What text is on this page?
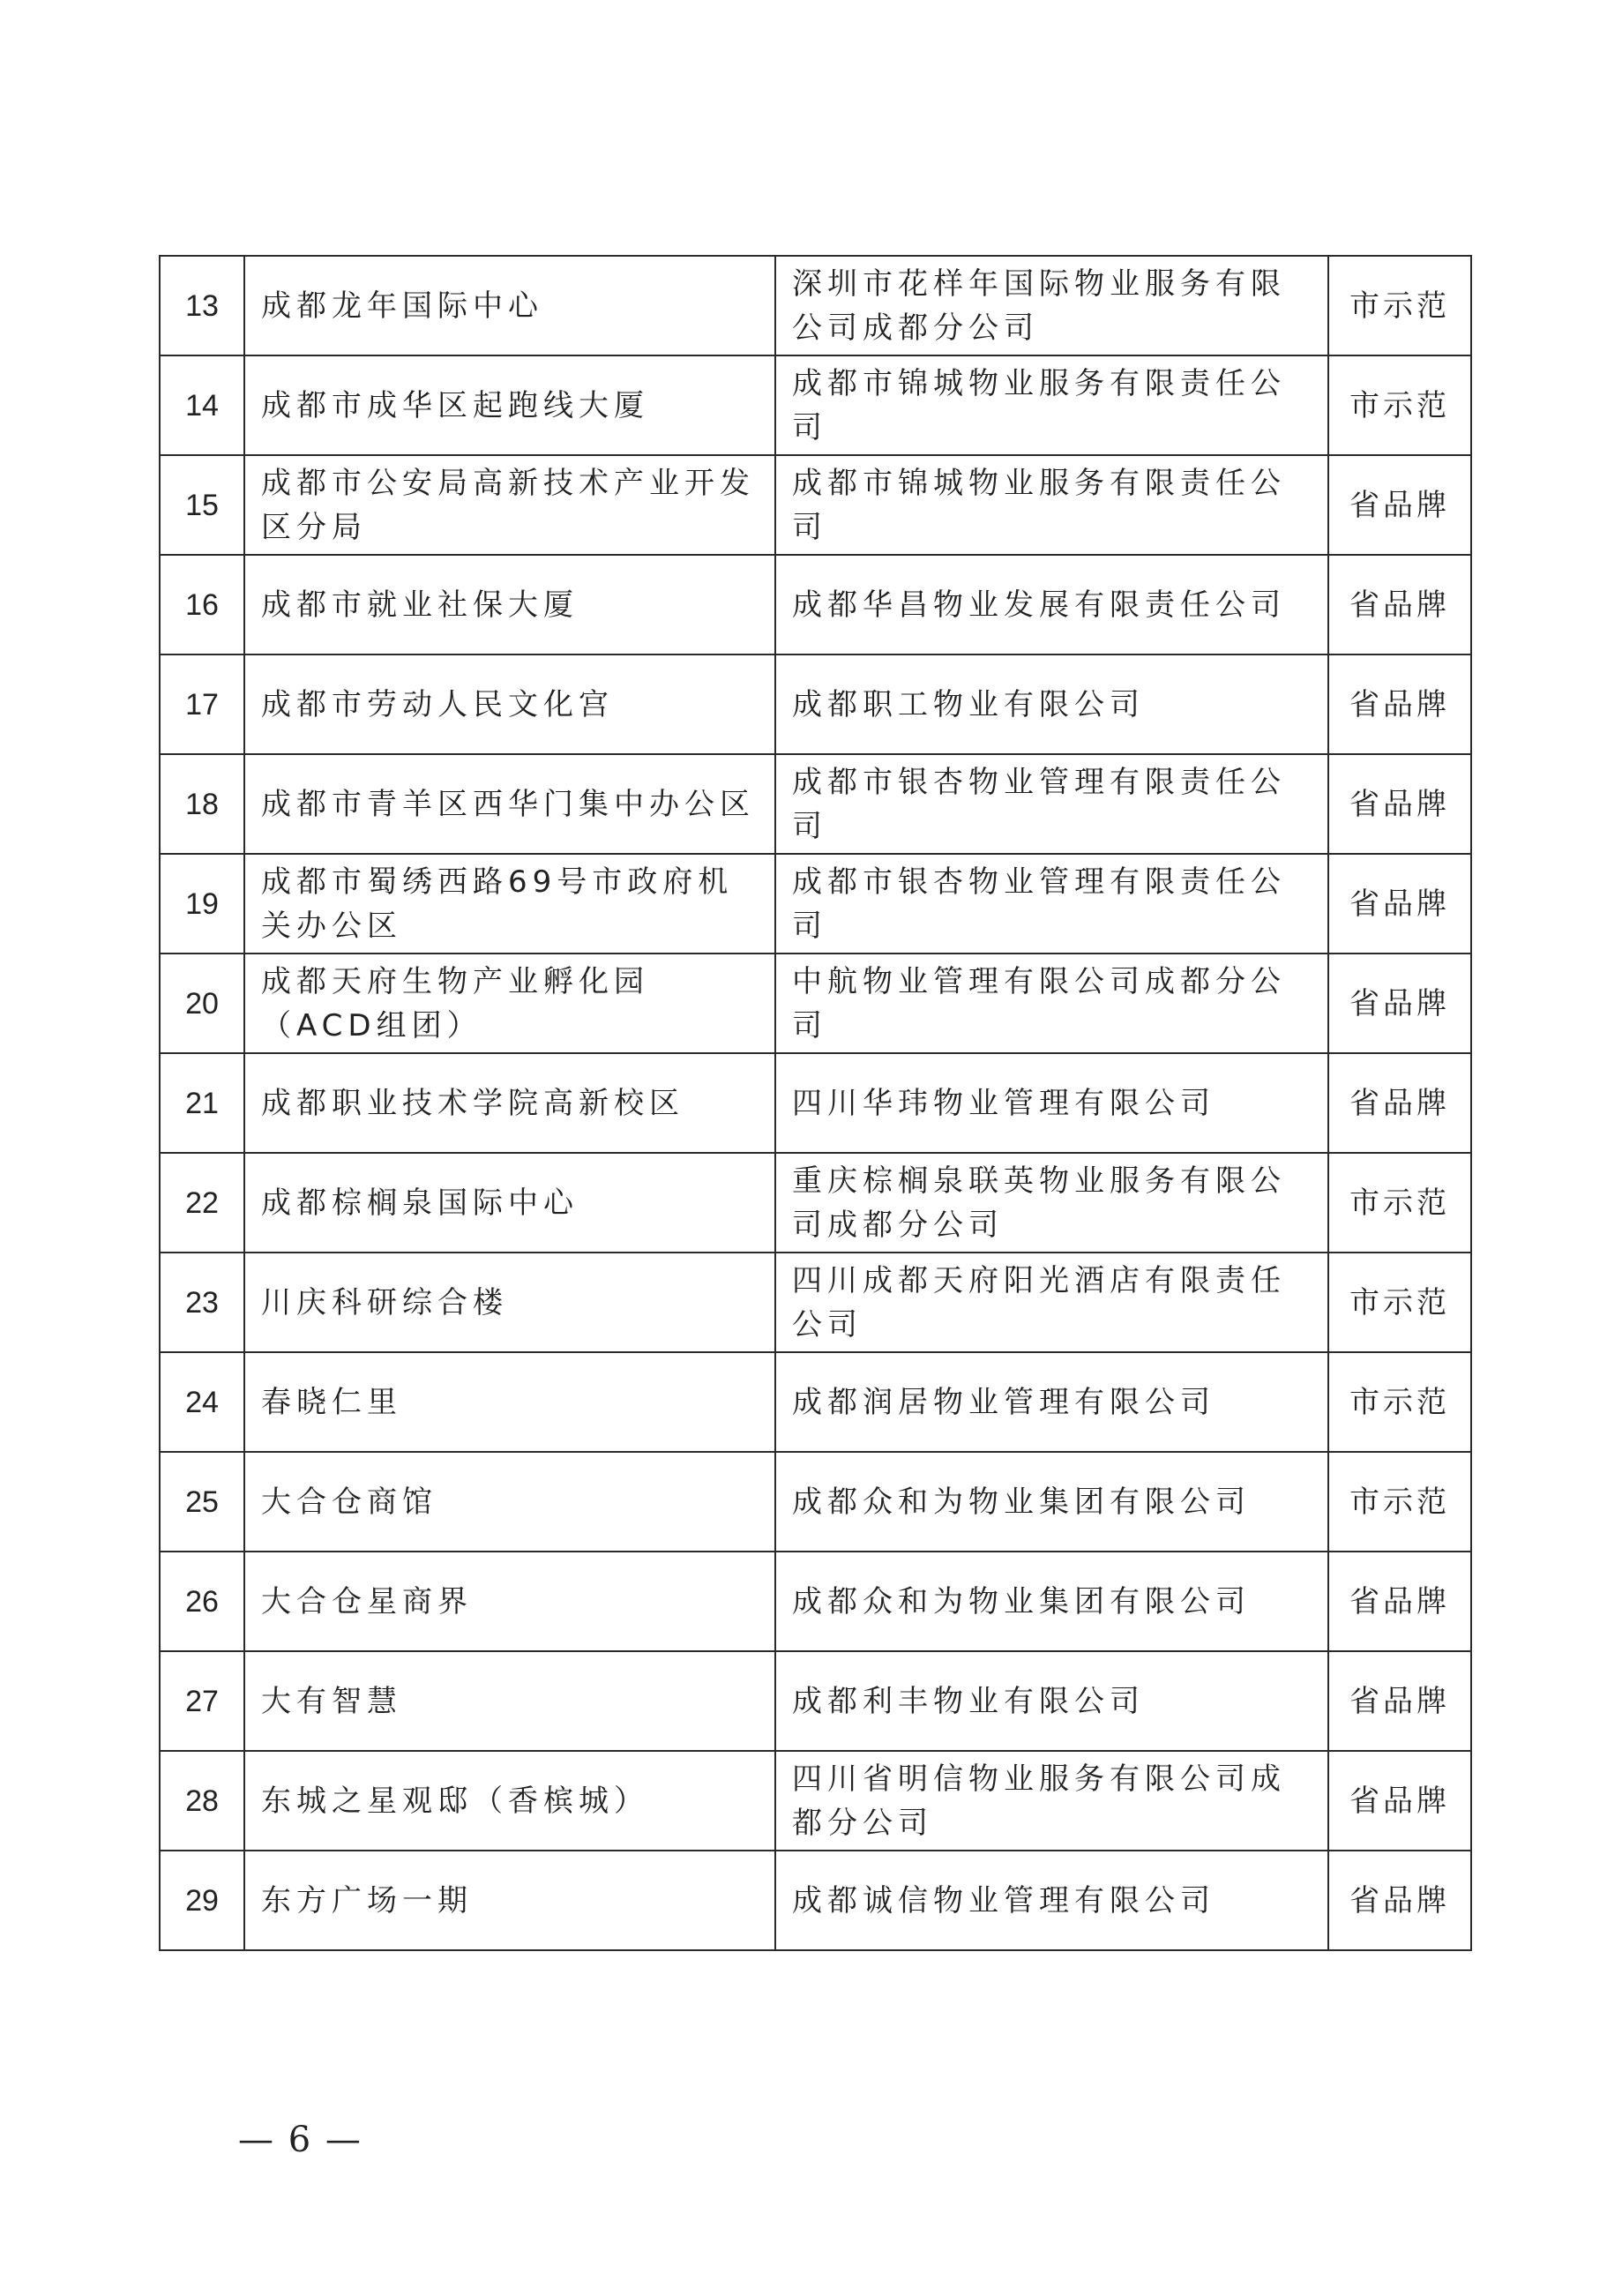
13	成都龙年国际中心	深圳市花样年国际物业服务有限公司成都分公司	市示范
14	成都市成华区起跑线大厦	成都市锦城物业服务有限责任公司	市示范
15	成都市公安局高新技术产业开发区分局	成都市锦城物业服务有限责任公司	省品牌
16	成都市就业社保大厦	成都华昌物业发展有限责任公司	省品牌
17	成都市劳动人民文化宫	成都职工物业有限公司	省品牌
18	成都市青羊区西华门集中办公区	成都市银杏物业管理有限责任公司	省品牌
19	成都市蜀绣西路69号市政府机关办公区	成都市银杏物业管理有限责任公司	省品牌
20	成都天府生物产业孵化园（ACD组团）	中航物业管理有限公司成都分公司	省品牌
21	成都职业技术学院高新校区	四川华玮物业管理有限公司	省品牌
22	成都棕榈泉国际中心	重庆棕榈泉联英物业服务有限公司成都分公司	市示范
23	川庆科研综合楼	四川成都天府阳光酒店有限责任公司	市示范
24	春晓仁里	成都润居物业管理有限公司	市示范
25	大合仓商馆	成都众和为物业集团有限公司	市示范
26	大合仓星商界	成都众和为物业集团有限公司	省品牌
27	大有智慧	成都利丰物业有限公司	省品牌
28	东城之星观邸（香槟城）	四川省明信物业服务有限公司成都分公司	省品牌
29	东方广场一期	成都诚信物业管理有限公司	省品牌
— 6 —
